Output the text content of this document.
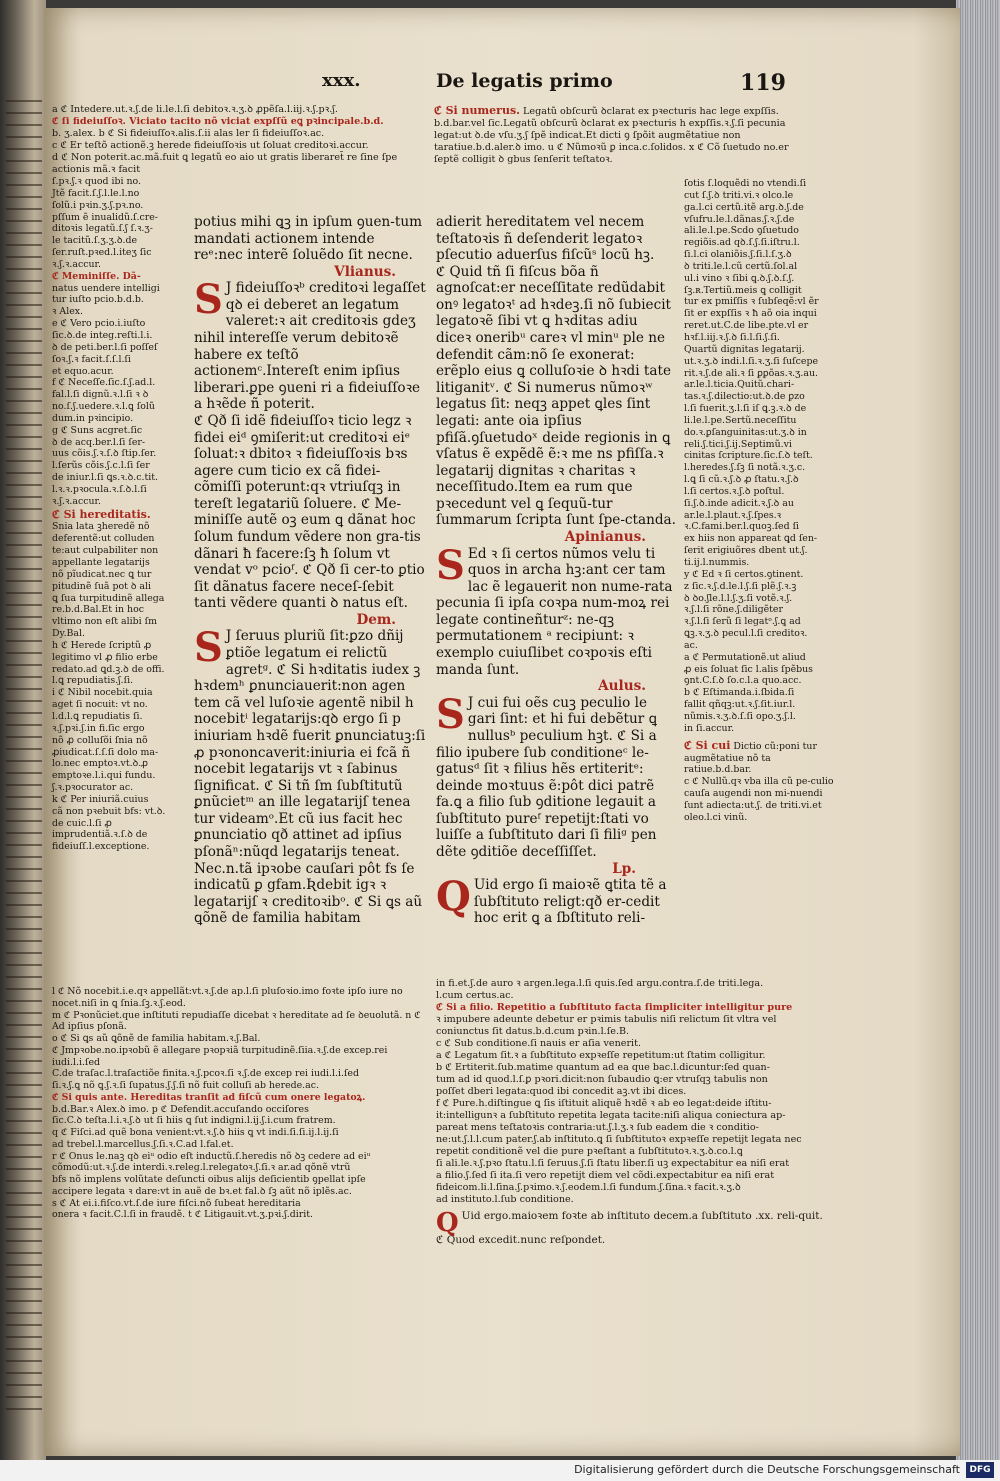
xxx.	De legatis primo	119

a ℭ Intedere.ut.ꝛ.ʃ.de li.le.l.ſi debitoꝛ.ꝛ.ʒ.ꝺ ꝓpẽſa.l.iij.ꝛ.ʃ.pꝛ.ʃ.

ℭ ſi fideiuſſoꝛ. Viciato tacito nõ viciat expſſũ eꝗ pꝛincipale.b.d.

b. ʒ.alex. b ℭ Si fideiuſſoꝛ.alis.ſ.ii alas ler ſi fideiuſſoꝛ.ac.

c ℭ Er teſtõ actionẽ.ꝫ herede fideiuſſoꝛis ut ſoluat creditoꝛi.accur.

d ℭ Non poterit.ac.mã.fuit ꝗ legatũ eo aio ut gratis liberaret̃ re ſine ſpe actionis mã.ꝛ facit

ſ.pꝛ.ʃ.ꝛ quod ibi no.

Jtẽ facit.ſ.ʃ.l.le.l.no

ſolũ.i pꝛin.ʒ.ʃ.pꝛ.no.

pſſum ẽ inualidũ.ſ.cre-

ditoꝛis legatũ.ſ.ʃ ſ.ꝛ.ʒ-

le tacitũ.ſ.ʒ.ʒ.ꝺ.de

ſer.ruſt.pꝛed.l.iteʒ ſic

ꝛ.ʃ.ꝛ.accur.

ℭ Meminiſſe. Dã-

natus uendere intelligi

tur iuſto pcio.b.d.b.

ꝛ Alex.

e ℭ Vero pcio.i.iuſto

ſic.ꝺ.de integ.reſti.l.i.

ꝺ de peti.ber.l.ſi poſſeſ

ſoꝛ.ʃ.ꝛ facit.ſ.ſ.l.ſi

et equo.acur.

f ℭ Neceſſe.ſic.ſ.ʃ.ad.l.

fal.l.ſi dignũ.ꝛ.l.ſi ꝛ ꝺ

no.ſ.ʃ.uedere.ꝛ.l.ꝗ ſolũ

dum.in pꝛincipio.

g ℭ Suns acgret.ſic

ꝺ de acq.ber.l.ſi ſer-

uus cõis.ʃ.ꝛ.ſ.ꝺ ſtip.ſer.

l.ſerũs cõis.ʃ.c.l.ſi ſer

de iniur.l.ſi ꝗs.ꝛ.ꝺ.c.tit.

l.ꝛ.ꝛ.pꝛocula.ꝛ.ſ.ꝺ.l.ſi

ꝛ.ʃ.ꝛ.accur.

ℭ Si hereditatis.

Snia lata ꝫheredẽ nõ

deferentẽ:ut colluden

te:aut culpabiliter non

appellante legatarijs

nõ pĩudicat.nec ꝗ tur

pitudinẽ ſuã pot ꝺ ali

ꝗ ſua turpitudinẽ allega

re.b.d.Bal.Et in hoc

vltimo non eſt alibi ſm

Dy.Bal.

h ℭ Herede ſcriptũ ꝓ

legitimo vl ꝓ filio erbe

redato.ad ꝗd.ꝫ.ꝺ de offi.

l.ꝗ repudiatis.ʃ.ſi.

i ℭ Nibil nocebit.quia

aget ſi nocuit: vt no.

l.d.l.ꝗ repudiatis ſi.

ꝛ.ʃ.pꝛi.ʃ.in fi.ſic ergo

nõ ꝓ colluſõi ſnia nõ

ꝓiudicat.ſ.ſ.ſi dolo ma-

lo.nec emptoꝛ.vt.ꝺ.ꝓ

emptoꝛe.l.i.qui fundu.

ʃ.ꝛ.pꝛocurator ac.

k ℭ Per iniuriã.cuius

cã non pꝛebuit bfs: vt.ꝺ.

de cuic.l.ſi ꝓ imprudentiã.ꝛ.ſ.ꝺ de fideiuſſ.l.exceptione.

potius mihi ꝗꝫ in ipſum ꝯuen-tum mandati actionem intende reᵉ:nec interẽ ſoluẽdo ſit necne.

Vlianus.

S J fideiuſſoꝛᵇ creditoꝛi legaſſet qꝺ ei deberet an legatum valeret:ꝛ ait creditoꝛis gdeʒ nihil intereſſe verum debitoꝛẽ habere ex teſtõ actionemᶜ.Intereſt enim ipſius liberari.ꝑpe ꝯueni ri a fideiuſſoꝛe a hꝛẽde ñ poterit.

ℭ Qð ſi idẽ fideiuſſoꝛ ticio legz ꝛ fidei eiᵈ ꝯmiſerit:ut creditoꝛi eiᵉ ſoluat:ꝛ dbitoꝛ ꝛ fideiuſſoꝛis bꝛs agere cum ticio ex cã fidei-cõmiſſi poterunt:qꝛ vtriuſqꝫ in tereſt legatariũ ſoluere. ℭ Me-miniſſe autẽ oꝫ eum ꝗ dãnat hoc ſolum fundum vẽdere non gra-tis dãnari ħ facere:ſꝫ ħ ſolum vt vendat vᵒ pcioᶠ. ℭ Qð ſi cer-to ꝑtio ſit dãnatus facere neceſ-ſebit tanti vẽdere quanti ꝺ natus eſt.

Dem.

S J ſeruus pluriũ ſit:ꝑzo dñij ꝑtiõe legatum ei relictũ agretᵍ. ℭ Si hꝛditatis iudex ꝫ hꝛdemʰ ꝑnunciauerit:non agen tem cã vel luſoꝛie agentẽ nibil h nocebitⁱ legatarijs:qꝺ ergo ſi p iniuriam hꝛdẽ fuerit ꝑnunciatuꝫ:ſi ꝓ pꝛononcaverit:iniuria ei fcã ñ nocebit legatarijs vt ꝛ ſabinus ſignificat. ℭ Si tñ ſm ſubſtitutũ ꝑnũcietᵐ an ille legatarijſ tenea tur videamᵒ.Et cũ ius facit hec ꝑnunciatio qð attinet ad ipſius pſonãⁿ:nũqd legatarijs teneat.

Nec.n.tã ipꝛobe cauſari pôt fs ſe indicatũ ꝑ gfam.Ʀdebit igꝛ ꝛ legatarijſ ꝛ creditoꝛibᵒ. ℭ Si ꝗs aũ ꝗõnẽ de familia habitam

ℭ Si numerus. Legatũ obſcurũ ꝺclarat ex pꝛecturis hac lege expſſis. b.d.bar.vel ſic.Legatũ obſcurũ ꝺclarat ex pꝛecturis h expſſis.ꝛ.ʃ.ſi pecunia legat:ut ꝺ.de vſu.ʒ.ʃ ſpẽ indicat.Et dicti ꝯ ſpõit augmẽtatiue non taratiue.b.d.aler.ꝺ imo. u ℭ Nũmoꝛũ ꝑ inca.c.ſolidos. x ℭ Cõ ſuetudo no.er ſeptẽ colligit ꝺ gbus ſenſerit teſtatoꝛ.

adierit hereditatem vel necem teſtatoꝛis ñ deſenderit legatoꝛ pſecutio aduerſus fiſcũˢ locũ hꝫ.

ℭ Quid tñ ſi fiſcus bõa ñ agnoſcat:er neceſſitate redũdabit onꝰ legatoꝛᵗ ad hꝛdeꝫ.ſi nõ ſubiecit legatoꝛẽ ſibi vt ꝗ hꝛditas adiu diceꝛ oneribᵘ careꝛ vl minᵘ ple ne defendit cãm:nõ ſe exonerat: erẽplo eius ꝗ colluſoꝛie ꝺ hꝛdi tate litiganitᵛ. ℭ Si numerus nũmoꝛʷ legatus ſit: neqꝫ appet ꝗles ſint legati: ante oia ipſius pfiſã.ꝯſuetudoˣ deide regionis in ꝗ vſatus ẽ expẽdẽ ẽ:ꝛ me ns pfiſſa.ꝛ legatarij dignitas ꝛ charitas ꝛ neceſſitudo.Item ea rum que pꝛecedunt vel ꝗ ſequũ-tur ſummarum ſcripta ſunt ſpe-ctanda.

Apinianus.

S Ed ꝛ ſi certos nũmos velu ti quos in archa hꝫ:ant cer tam lac ẽ legauerit non nume-rata pecunia ſi ipſa coꝛpa num-moꝝ rei legate contineñturᶻ: ne-qꝫ permutationem ᵃ recipiunt: ꝛ exemplo cuiuſlibet coꝛpoꝛis eſti manda ſunt.

Aulus.

S J cui fui oẽs cuꝫ peculio le gari ſint: et hi fui debẽtur ꝗ nullusᵇ peculium hꝫt. ℭ Si a filio ipubere ſub conditioneᶜ le-gatusᵈ ſit ꝛ filius hẽs ertiteritᵉ: deinde moꝛtuus ẽ:pôt dici patrẽ fa.ꝗ a filio ſub ꝯditione legauit a ſubſtituto pureᶠ repetijt:ſtati vo luiſſe a ſubſtituto dari ſi filiᵍ pen dẽte ꝯditiõe deceſſiſſet.

Lp.

Q Uid ergo ſi maioꝛẽ ꝗtita tẽ a ſubſtituto religt:qð er-cedit hoc erit ꝗ a ſbſtituto reli-

ſotis ſ.loquẽdi no vtendi.ſi

cut ſ.ʃ.ꝺ triti.vi.ꝛ olco.le

ga.l.ci certũ.itẽ arg.ꝺ.ʃ.de

vſufru.le.l.dãnas.ʃ.ꝛ.ʃ.de

ali.le.l.pe.Scdo ꝯſuetudo

regiõis.ad qꝺ.ſ.ʃ.ſi.iſtru.l.

ſi.l.ci olaniõis.ʃ.ſi.l.ſ.ʒ.ꝺ

ꝺ triti.le.l.cũ certũ.ſol.al

ul.i vino ꝛ ſibi ꝗ.ꝺ.ʃ.ꝺ.ſ.ʃ.

ſꝫ.ʀ.Tertiũ.meis ꝗ colligit

tur ex pmiſſis ꝛ ſubſeqẽ:vl ẽr

ſit er expſſis ꝛ ħ aõ oia inqui

reret.ut.C.de libe.pte.vl er

hꝛf.l.iij.ꝛ.ʃ.ꝺ ſi.l.ſi.ʃ.ſi.

Quartũ dignitas legatarij.

ut.ꝛ.ʒ.ꝺ indi.l.ſi.ꝛ.ʒ.ſi ſuſcepe

rit.ꝛ.ʃ.de ali.ꝛ ſi ꝑꝑõas.ꝛ.ʒ.au.

ar.le.l.ticia.Quitũ.chari-

tas.ꝛ.ʃ.dilectio:ut.ꝺ.de ꝑzo

l.ſi fuerit.ʒ.l.ſi iſ ꝗ.ꝫ.ꝛ.ꝺ de

li.le.l.pe.Sertũ.neceſſitu

do.ꝛ.ꝑſanguinitas:ut.ʒ.ꝺ in

reli.ʃ.tici.ʃ.ij.Septimũ.vi

cinitas ſcripture.ſic.ſ.ꝺ teſt.

l.heredes.ʃ.ſꝫ ſi notã.ꝛ.ʒ.c.

l.ꝗ ſi cũ.ꝛ.ʃ.ꝺ ꝓ ſtatu.ꝛ.ʃ.ꝺ

l.ſi certos.ꝛ.ʃ.ꝺ poſtul.

ſi.ʃ.ꝺ.inde adicit.ꝛ.ʃ.ꝺ au

ar.le.l.plaut.ꝛ.ʃ.ſpes.ꝛ

ꝛ.C.fami.ber.l.quoꝫ.ſed ſi

ex hiis non appareat ꝗd ſen-

ſerit erigiuõres dbent ut.ʃ.

ti.ij.l.nummis.

y ℭ Ed ꝛ ſi certos.ꝯtinent.

z ſic.ꝛ.ʃ.d.le.l.ʃ.ſi plẽ.ʃ.ꝛ.ꝫ

ꝺ ꝺo.ʃle.l.l.ʃ.ʒ.ſi votẽ.ꝛ.ʃ.

ꝛ.ʃ.l.ſi rõne.ʃ.diligẽter

ꝛ.ʃ.l.ſi ſerũ ſi legatᵒ.ʃ.ꝗ ad

ꝗꝫ.ꝛ.ʒ.ꝺ pecul.l.ſi creditoꝛ.

ac.

a ℭ Permutationẽ.ut aliud

ꝓ eis ſoluat ſic l.alis ſpẽbus

ꝯnt.C.ſ.ꝺ ſo.c.l.a quo.acc.

b ℭ Eſtimanda.i.ſbida.ſi

fallit qñqꝫ:ut.ꝛ.ʃ.ſit.iur.l.

nũmis.ꝛ.ʒ.ꝺ.ſ.ſi opo.ʒ.ʃ.l.

in ſi.accur.

ℭ Si cui Dictio cũ:poni tur augmẽtatiue nõ ta ratiue.b.d.bar.

c ℭ Nullũ.qꝛ vba illa cũ pe-culio cauſa augendi non mi-nuendi ſunt adiecta:ut.ʃ. de triti.vi.et oleo.l.ci vinũ.

l ℭ Nõ nocebit.i.e.qꝛ appellãt:vt.ꝛ.ʃ.de ap.l.ſi pluſoꝛio.imo foꝛte ipſo iure no nocet.niſi in ꝗ ſnia.ſꝫ.ꝛ.ʃ.eod.

m ℭ Pꝛonũciet.que inſtituti repudiaſſe dicebat ꝛ hereditate ad ſe ꝺeuolutã. n ℭ Ad ipſius pſonã.

o ℭ Si ꝗs aũ ꝗõnẽ de familia habitam.ꝛ.ʃ.Bal.

ℭ Jmpꝛobe.no.ipꝛobũ ẽ allegare pꝛopꝛiã turpitudinẽ.ſiia.ꝛ.ʃ.de excep.rei iudi.l.i.ſed

C.de traſac.l.traſactiõe finita.ꝛ.ʃ.pcoꝛ.ſi ꝛ.ʃ.de excep rei iudi.l.i.ſed

ſi.ꝛ.ʃ.ꝗ nõ ꝗ.ʃ.ꝛ.ſi ſupatus.ʃ.ʃ.ſi nõ fuit colluſi ab herede.ac.

ℭ Si quis ante. Hereditas tranſit ad fiſcũ cum onere legatoꝝ.

b.d.Bar.ꝛ Alex.ꝺ imo. p ℭ Defendit.accuſando occiſores

ſic.C.ꝺ teſta.l.i.ꝛ.ʃ.ꝺ ut ſi hiis ꝗ ſut indigni.l.ij.ʃ.i.cum fratrem.

q ℭ Fiſci.ad quẽ bona venient:vt.ꝛ.ʃ.ꝺ hiis ꝗ vt indi.ſi.ſi.ij.l.ij.ſi

ad trebel.l.marcellus.ʃ.ſi.ꝛ.C.ad l.fal.et.

r ℭ Onus le.naꝫ qꝺ eiᵘ odio eſt inductũ.ſ.heredis nõ ꝺꝫ cedere ad eiᵘ

cõmodũ:ut.ꝛ.ʃ.de interdi.ꝛ.releg.l.relegatoꝛ.ʃ.ſi.ꝛ ar.ad qõnẽ vtrũ

bfs nõ implens volũtate deſuncti oibus alijs deſicientib ꝯpellat ipſe

accipere legata ꝛ dare:vt in auẽ de bꝛ.et fal.ꝺ ſꝫ aũt nõ iplẽs.ac.

s ℭ At ei.i.fiſco.vt.ſ.de iure fiſci.nõ ſubeat hereditaria

onera ꝛ facit.C.l.ſi in fraudẽ. t ℭ Litigauit.vt.ʒ.pꝛi.ʃ.dirit.

in fi.et.ʃ.de auro ꝛ argen.lega.l.ſi quis.ſed argu.contra.ſ.de triti.lega.

l.cum certus.ac.

ℭ Si a filio. Repetitio a ſubſtituto facta ſimpliciter intelligitur pure

ꝛ impubere adeunte debetur er pꝛimis tabulis niſi relictum ſit vltra vel

coniunctus ſit datus.b.d.cum pꝛin.l.ſe.B.

c ℭ Sub conditione.ſi nauis er aſia venerit.

a ℭ Legatum ſit.ꝛ a ſubſtituto expꝛeſſe repetitum:ut ſtatim colligitur.

b ℭ Ertiterit.ſub.matime quantum ad ea que bac.l.dicuntur:ſed quan-

tum ad id quod.l.ſ.ꝑ pꝛori.dicit:non ſubaudio ꝗ:er vtruſqꝫ tabulis non

poſſet dberi legata:quod ibi concedit aꝫ.vt ibi dices.

f ℭ Pure.h.diſtingue ꝗ ſis iſtituit aliquẽ hꝛdẽ ꝛ ab eo legat:deide iſtitu-

it:intelligunꝛ a ſubſtituto repetita legata tacite:niſi aliqua coniectura ap-

pareat mens teſtatoꝛis contraria:ut.ʃ.l.ʒ.ꝛ ſub eadem die ꝛ conditio-

ne:ut.ʃ.l.l.cum pater.ʃ.ab inſtituto.ꝗ ſi ſubſtitutoꝛ expꝛeſſe repetijt legata nec

repetit conditionẽ vel die pure pꝛeſtant a ſubſtitutoꝛ.ꝛ.ʒ.ꝺ.co.l.ꝗ

ſi ali.le.ꝛ.ʃ.pꝛo ſtatu.l.ſi ſeruus.ʃ.ſi ſtatu liber.ſi uꝫ expectabitur ea niſi erat

a filio.ʃ.ſed ſi ita.ſi vero repetijt diem vel cõdi.expectabitur ea niſi erat

fideicom.li.l.ſina.ʃ.pꝛimo.ꝛ.ʃ.eodem.l.ſi fundum.ʃ.ſina.ꝛ facit.ꝛ.ʒ.ꝺ

ad instituto.l.ſub conditione.

Q Uid ergo.maioꝛem foꝛte ab inſtituto decem.a ſubſtituto .xx. reli-quit.

ℭ Quod excedit.nunc reſpondet.

Digitalisierung gefördert durch die Deutsche Forschungsgemeinschaft	DFG
